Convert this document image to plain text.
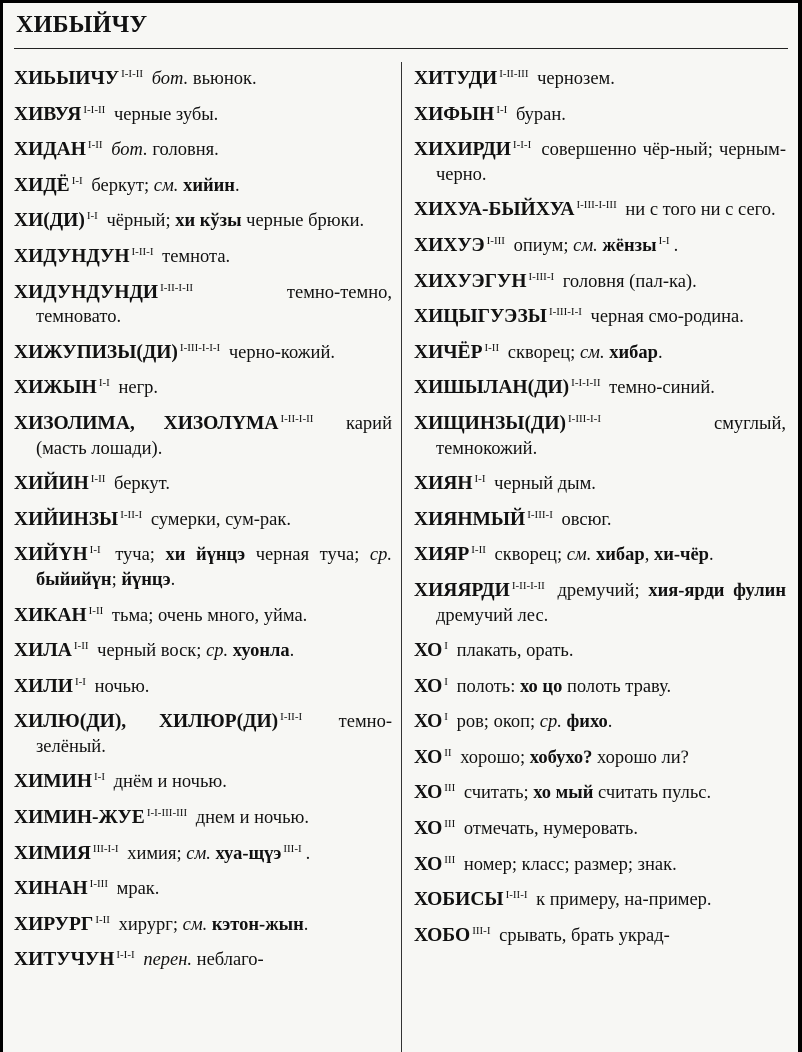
ХИБЫЙЧУ

ХИЬЫИЧУ $^{I-I-II}$ бот. вьюнок.

ХИВУЯ $^{I-I-II}$ черные зубы.

ХИДАН $^{I-II}$ бот. головня.

ХИДЁ $^{I-I}$ беркут; см. хийин.

ХИ(ДИ) $^{I-I}$ чёрный; хи кўзы черные брюки.

ХИДУНДУН $^{I-II-I}$ темнота.

ХИДУНДУНДИ $^{I-II-I-II}$ темно-темно, темновато.

ХИЖУПИЗЫ(ДИ) $^{I-III-I-I-I}$ черно-кожий.

ХИЖЫН $^{I-I}$ негр.

ХИЗОЛИМА, ХИЗОЛҮМА $^{I-II-I-II}$ карий (масть лошади).

ХИЙИН $^{I-II}$ беркут.

ХИЙИНЗЫ $^{I-II-I}$ сумерки, сум-рак.

ХИЙҮН $^{I-I}$ туча; хи йүнцэ черная туча; ср. быйийүн; йүнцэ.

ХИКАН $^{I-II}$ тьма; очень много, уйма.

ХИЛА $^{I-II}$ черный воск; ср. хуонла.

ХИЛИ $^{I-I}$ ночью.

ХИЛЮ(ДИ), ХИЛЮР(ДИ) $^{I-II-I}$ темно-зелёный.

ХИМИН $^{I-I}$ днём и ночью.

ХИМИН-ЖУЕ $^{I-I-III-III}$ днем и ночью.

ХИМИЯ $^{III-I-I}$ химия; см. хуа-щүэ $^{III-I}$ .

ХИНАН $^{I-III}$ мрак.

ХИРУРГ $^{I-II}$ хирург; см. кэтон-жын.

ХИТУЧУН $^{I-I-I}$ перен. неблаго-

ХИТУДИ $^{I-II-III}$ чернозем.

ХИФЫН $^{I-I}$ буран.

ХИХИРДИ $^{I-I-I}$ совершенно чёр-ный; черным-черно.

ХИХУА-БЫЙХУА $^{I-III-I-III}$ ни с того ни с сего.

ХИХУЭ $^{I-III}$ опиум; см. жёнзы $^{I-I}$ .

ХИХУЭГУН $^{I-III-I}$ головня (пал-ка).

ХИЦЫГУЭЗЫ $^{I-III-I-I}$ черная смо-родина.

ХИЧЁР $^{I-II}$ скворец; см. хибар.

ХИШЫЛАН(ДИ) $^{I-I-I-II}$ темно-синий.

ХИЩИНЗЫ(ДИ) $^{I-III-I-I}$ смуглый, темнокожий.

ХИЯН $^{I-I}$ черный дым.

ХИЯНМЫЙ $^{I-III-I}$ овсюг.

ХИЯР $^{I-II}$ скворец; см. хибар, хи-чёр.

ХИЯЯРДИ $^{I-II-I-II}$ дремучий; хия-ярди фулин дремучий лес.

ХО $^I$ плакать, орать.

ХО $^I$ полоть: хо цо полоть траву.

ХО $^I$ ров; окоп; ср. фихо.

ХО $^{II}$ хорошо; хобухо? хорошо ли?

ХО $^{III}$ считать; хо мый считать пульс.

ХО $^{III}$ отмечать, нумеровать.

ХО $^{III}$ номер; класс; размер; знак.

ХОБИСЫ $^{I-II-I}$ к примеру, на-пример.

ХОБО $^{III-I}$ срывать, брать украд-
